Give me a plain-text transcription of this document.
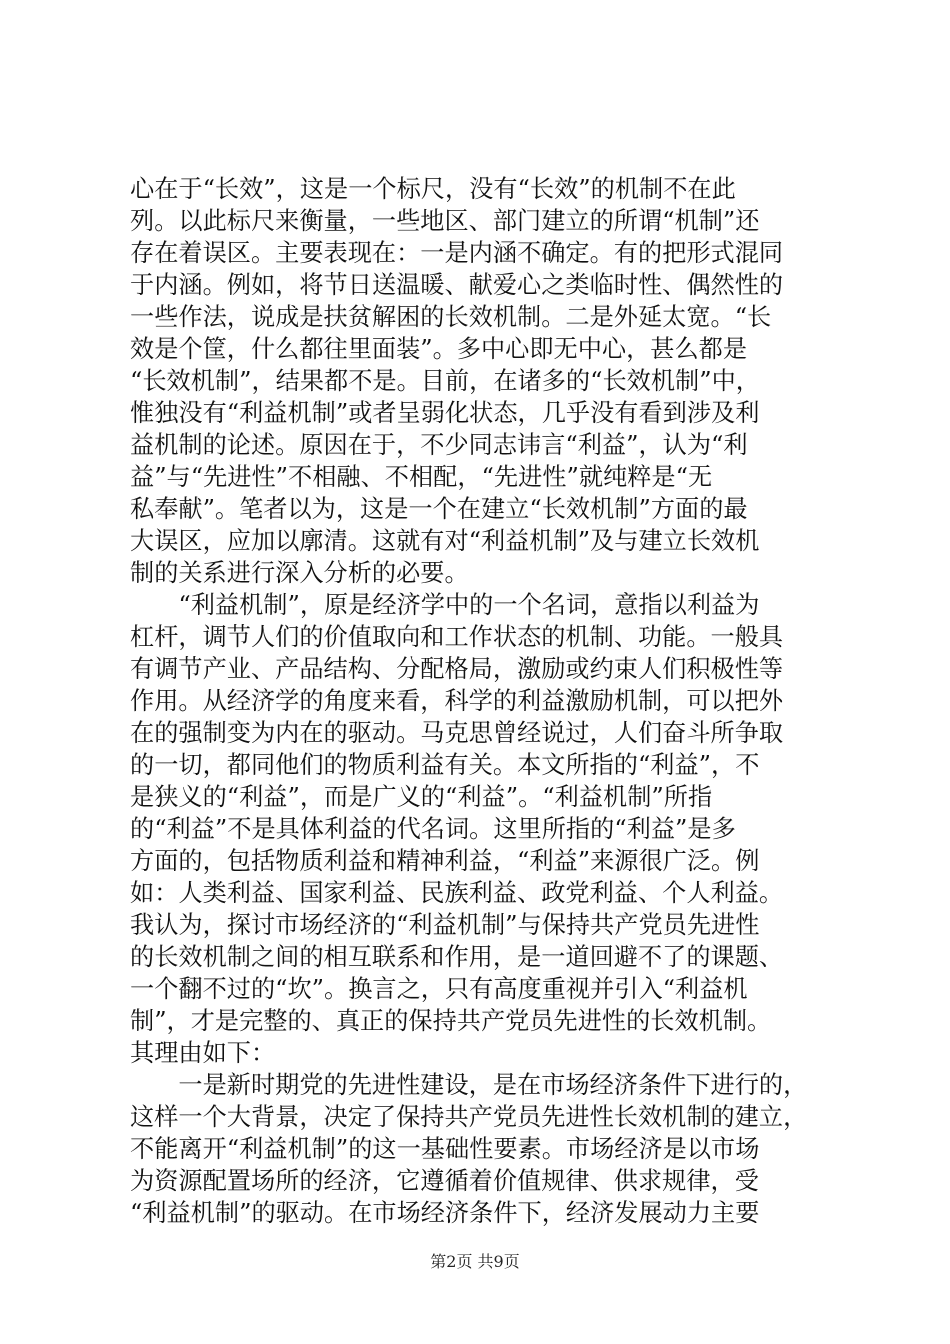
心在于“长效”，这是一个标尺，没有“长效”的机制不在此
列。以此标尺来衡量，一些地区、部门建立的所谓“机制”还
存在着误区。主要表现在：一是内涵不确定。有的把形式混同
于内涵。例如，将节日送温暖、献爱心之类临时性、偶然性的
一些作法，说成是扶贫解困的长效机制。二是外延太宽。“长
效是个筐，什么都往里面装”。多中心即无中心，甚么都是
“长效机制”，结果都不是。目前，在诸多的“长效机制”中，
惟独没有“利益机制”或者呈弱化状态，几乎没有看到涉及利
益机制的论述。原因在于，不少同志讳言“利益”，认为“利
益”与“先进性”不相融、不相配，“先进性”就纯粹是“无
私奉献”。笔者以为，这是一个在建立“长效机制”方面的最
大误区，应加以廓清。这就有对“利益机制”及与建立长效机
制的关系进行深入分析的必要。
　　“利益机制”，原是经济学中的一个名词，意指以利益为
杠杆，调节人们的价值取向和工作状态的机制、功能。一般具
有调节产业、产品结构、分配格局，激励或约束人们积极性等
作用。从经济学的角度来看，科学的利益激励机制，可以把外
在的强制变为内在的驱动。马克思曾经说过，人们奋斗所争取
的一切，都同他们的物质利益有关。本文所指的“利益”，不
是狭义的“利益”，而是广义的“利益”。“利益机制”所指
的“利益”不是具体利益的代名词。这里所指的“利益”是多
方面的，包括物质利益和精神利益，“利益”来源很广泛。例
如：人类利益、国家利益、民族利益、政党利益、个人利益。
我认为，探讨市场经济的“利益机制”与保持共产党员先进性
的长效机制之间的相互联系和作用，是一道回避不了的课题、
一个翻不过的“坎”。换言之，只有高度重视并引入“利益机
制”，才是完整的、真正的保持共产党员先进性的长效机制。
其理由如下：
　　一是新时期党的先进性建设，是在市场经济条件下进行的，
这样一个大背景，决定了保持共产党员先进性长效机制的建立，
不能离开“利益机制”的这一基础性要素。市场经济是以市场
为资源配置场所的经济，它遵循着价值规律、供求规律，受
“利益机制”的驱动。在市场经济条件下，经济发展动力主要
第2页 共9页
